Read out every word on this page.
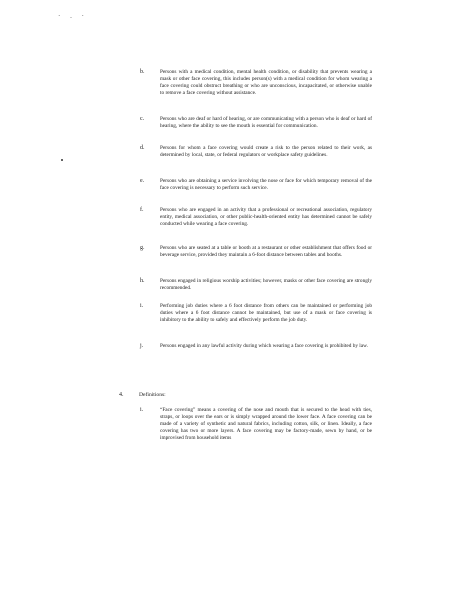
· . ·
b.	Persons with a medical condition, mental health condition, or disability that prevents wearing a mask or other face covering, this includes person(s) with a medical condition for whom wearing a face covering could obstruct breathing or who are unconscious, incapacitated, or otherwise unable to remove a face covering without assistance.
c.	Persons who are deaf or hard of hearing, or are communicating with a person who is deaf or hard of hearing, where the ability to see the mouth is essential for communication.
d.	Persons for whom a face covering would create a risk to the person related to their work, as determined by local, state, or federal regulators or workplace safety guidelines.
e.	Persons who are obtaining a service involving the nose or face for which temporary removal of the face covering is necessary to perform such service.
f.	Persons who are engaged in an activity that a professional or recreational association, regulatory entity, medical association, or other public-health-oriented entity has determined cannot be safely conducted while wearing a face covering.
g.	Persons who are seated at a table or booth at a restaurant or other establishment that offers food or beverage service, provided they maintain a 6-foot distance between tables and booths.
h.	Persons engaged in religious worship activities; however, masks or other face covering are strongly recommended.
i.	Performing job duties where a 6 foot distance from others can be maintained or performing job duties where a 6 foot distance cannot be maintained, but use of a mask or face covering is inhibitory to the ability to safely and effectively perform the job duty.
j.	Persons engaged in any lawful activity during which wearing a face covering is prohibited by law.
4.	Definitions:
i.	“Face covering” means a covering of the nose and mouth that is secured to the head with ties, straps, or loops over the ears or is simply wrapped around the lower face. A face covering can be made of a variety of synthetic and natural fabrics, including cotton, silk, or linen. Ideally, a face covering has two or more layers. A face covering may be factory-made, sewn by hand, or be improvised from household items
